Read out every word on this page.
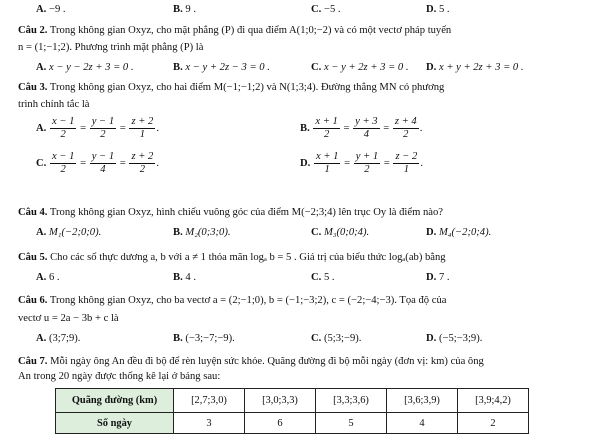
A. −9 .	B. 9 .	C. −5 .	D. 5 .
Câu 2. Trong không gian Oxyz, cho mặt phẳng (P) đi qua điểm A(1;0;−2) và có một vectơ pháp tuyến
n = (1;−1;2). Phương trình mặt phẳng (P) là
A. x − y − 2z + 3 = 0 .	B. x − y + 2z − 3 = 0 .	C. x − y + 2z + 3 = 0 . D. x + y + 2z + 3 = 0 .
Câu 3. Trong không gian Oxyz, cho hai điểm M(−1;−1;2) và N(1;3;4). Đường thẳng MN có phương
trình chính tắc là
A. $\frac{x - 1}{2} = \frac{y - 1}{2} = \frac{z + 2}{1}$ .	B. $\frac{x + 1}{2} = \frac{y + 3}{4} = \frac{z + 4}{2}$ .
C. $\frac{x - 1}{2} = \frac{y - 1}{4} = \frac{z + 2}{2}$ .	D. $\frac{x + 1}{1} = \frac{y + 1}{2} = \frac{z - 2}{1}$ .
Câu 4. Trong không gian Oxyz, hình chiếu vuông góc của điểm M(−2;3;4) lên trục Oy là điểm nào?
A. M₁(−2;0;0).	B. M₂(0;3;0).	C. M₃(0;0;4).	D. M₄(−2;0;4).
Câu 5. Cho các số thực dương a, b với a ≠ 1 thỏa mãn logₐ b = 5 . Giá trị của biểu thức logₐ(ab) bằng
A. 6 .	B. 4 .	C. 5 .	D. 7 .
Câu 6. Trong không gian Oxyz, cho ba vectơ a = (2;−1;0), b = (−1;−3;2), c = (−2;−4;−3). Tọa độ của
vectơ u = 2a − 3b + c là
A. (3;7;9).	B. (−3;−7;−9).	C. (5;3;−9).	D. (−5;−3;9).
Câu 7. Mỗi ngày ông An đều đi bộ để rèn luyện sức khỏe. Quãng đường đi bộ mỗi ngày (đơn vị: km) của ông
An trong 20 ngày được thống kê lại ở bảng sau:
Quãng đường (km)	[2,7;3,0)	[3,0;3,3)	[3,3;3,6)	[3,6;3,9)	[3,9;4,2)
Số ngày	3	6	5	4	2
